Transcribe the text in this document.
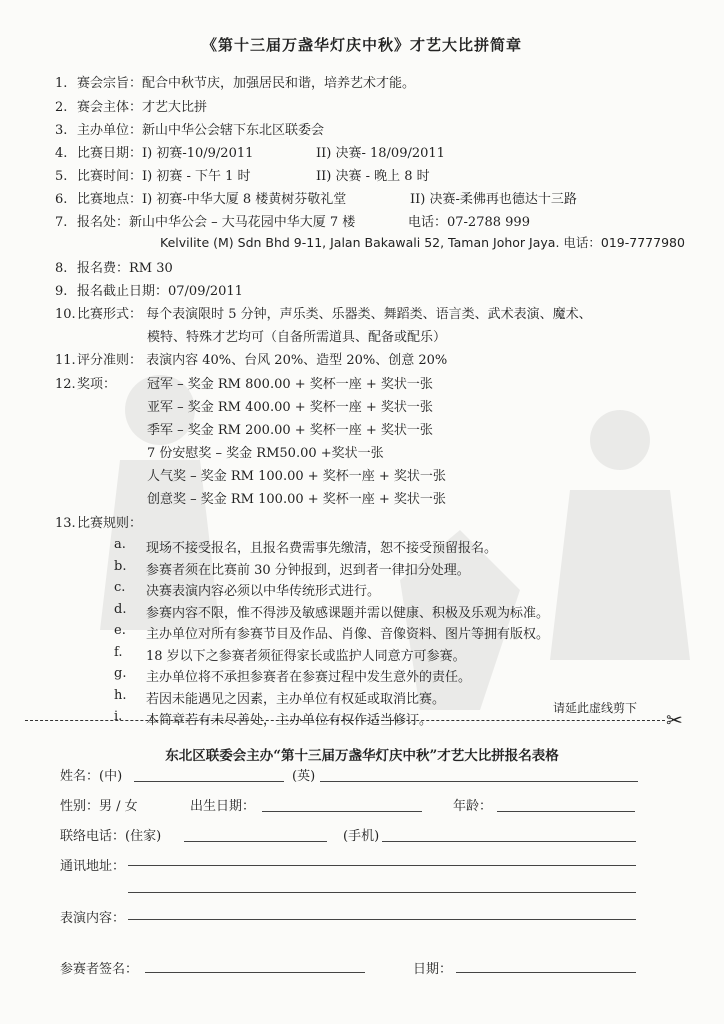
《第十三届万盏华灯庆中秋》才艺大比拼简章
1. 赛会宗旨：配合中秋节庆，加强居民和谐，培养艺术才能。
2. 赛会主体：才艺大比拼
3. 主办单位：新山中华公会辖下东北区联委会
4. 比赛日期：I) 初赛-10/9/2011	II) 决赛- 18/09/2011
5. 比赛时间：I) 初赛 - 下午 1 时	II) 决赛 - 晚上 8 时
6. 比赛地点：I) 初赛-中华大厦 8 楼黄树芬敬礼堂	II) 决赛-柔佛再也德达十三路
7. 报名处：新山中华公会 – 大马花园中华大厦 7 楼	电话：07-2788 999
Kelvilite (M) Sdn Bhd 9-11, Jalan Bakawali 52, Taman Johor Jaya. 电话：019-7777980
8. 报名费：RM 30
9. 报名截止日期：07/09/2011
10.比赛形式： 每个表演限时 5 分钟，声乐类、乐器类、舞蹈类、语言类、武术表演、魔术、
模特、特殊才艺均可（自备所需道具、配备或配乐）
11.评分准则： 表演内容 40%、台风 20%、造型 20%、创意 20%
12.奖项： 冠军 – 奖金 RM 800.00 + 奖杯一座 + 奖状一张
亚军 – 奖金 RM 400.00 + 奖杯一座 + 奖状一张
季军 – 奖金 RM 200.00 + 奖杯一座 + 奖状一张
7 份安慰奖 – 奖金 RM50.00 +奖状一张
人气奖 – 奖金 RM 100.00 + 奖杯一座 + 奖状一张
创意奖 – 奖金 RM 100.00 + 奖杯一座 + 奖状一张
13.比赛规则：
a. 现场不接受报名，且报名费需事先缴清，恕不接受预留报名。
b. 参赛者须在比赛前 30 分钟报到，迟到者一律扣分处理。
c. 决赛表演内容必须以中华传统形式进行。
d. 参赛内容不限，惟不得涉及敏感课题并需以健康、积极及乐观为标准。
e. 主办单位对所有参赛节目及作品、肖像、音像资料、图片等拥有版权。
f. 18 岁以下之参赛者须征得家长或监护人同意方可参赛。
g. 主办单位将不承担参赛者在参赛过程中发生意外的责任。
h. 若因未能遇见之因素，主办单位有权延或取消比赛。
请延此虚线剪下 ✂
东北区联委会主办“第十三届万盏华灯庆中秋”才艺大比拼报名表格
姓名：(中)	(英)
性别：男 / 女	出生日期：	年龄：
联络电话：(住家)	(手机)
通讯地址：
表演内容：
参赛者签名：	日期：
i. 本简章若有未尽善处，主办单位有权作适当修订。
